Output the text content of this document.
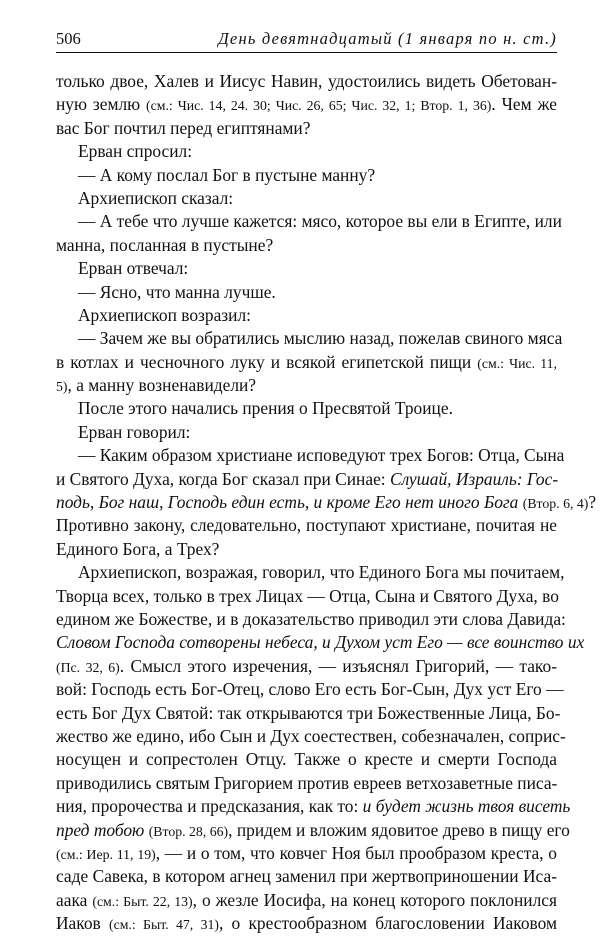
506	День девятнадцатый (1 января по н. ст.)
только двое, Халев и Иисус Навин, удостоились видеть Обетован-
ную землю (см.: Чис. 14, 24. 30; Чис. 26, 65; Чис. 32, 1; Втор. 1, 36). Чем же
вас Бог почтил перед египтянами?
Ерван спросил:
— А кому послал Бог в пустыне манну?
Архиепископ сказал:
— А тебе что лучше кажется: мясо, которое вы ели в Египте, или
манна, посланная в пустыне?
Ерван отвечал:
— Ясно, что манна лучше.
Архиепископ возразил:
— Зачем же вы обратились мыслию назад, пожелав свиного мяса
в котлах и чесночного луку и всякой египетской пищи (см.: Чис. 11,
5), а манну возненавидели?
После этого начались прения о Пресвятой Троице.
Ерван говорил:
— Каким образом христиане исповедуют трех Богов: Отца, Сына
и Святого Духа, когда Бог сказал при Синае: Слушай, Израиль: Гос-
подь, Бог наш, Господь един есть, и кроме Его нет иного Бога (Втор. 6, 4)?
Противно закону, следовательно, поступают христиане, почитая не
Единого Бога, а Трех?
Архиепископ, возражая, говорил, что Единого Бога мы почитаем,
Творца всех, только в трех Лицах — Отца, Сына и Святого Духа, во
едином же Божестве, и в доказательство приводил эти слова Давида:
Словом Господа сотворены небеса, и Духом уст Его — все воинство их
(Пс. 32, 6). Смысл этого изречения, — изъяснял Григорий, — тако-
вой: Господь есть Бог-Отец, слово Его есть Бог-Сын, Дух уст Его —
есть Бог Дух Святой: так открываются три Божественные Лица, Бо-
жество же едино, ибо Сын и Дух соестествен, собезначален, соприс-
носущен и сопрестолен Отцу. Также о кресте и смерти Господа
приводились святым Григорием против евреев ветхозаветные писа-
ния, пророчества и предсказания, как то: и будет жизнь твоя висеть
пред тобою (Втор. 28, 66), придем и вложим ядовитое древо в пищу его
(см.: Иер. 11, 19), — и о том, что ковчег Ноя был прообразом креста, о
саде Савека, в котором агнец заменил при жертвоприношении Иса-
аака (см.: Быт. 22, 13), о жезле Иосифа, на конец которого поклонился
Иаков (см.: Быт. 47, 31), о крестообразном благословении Иаковом
